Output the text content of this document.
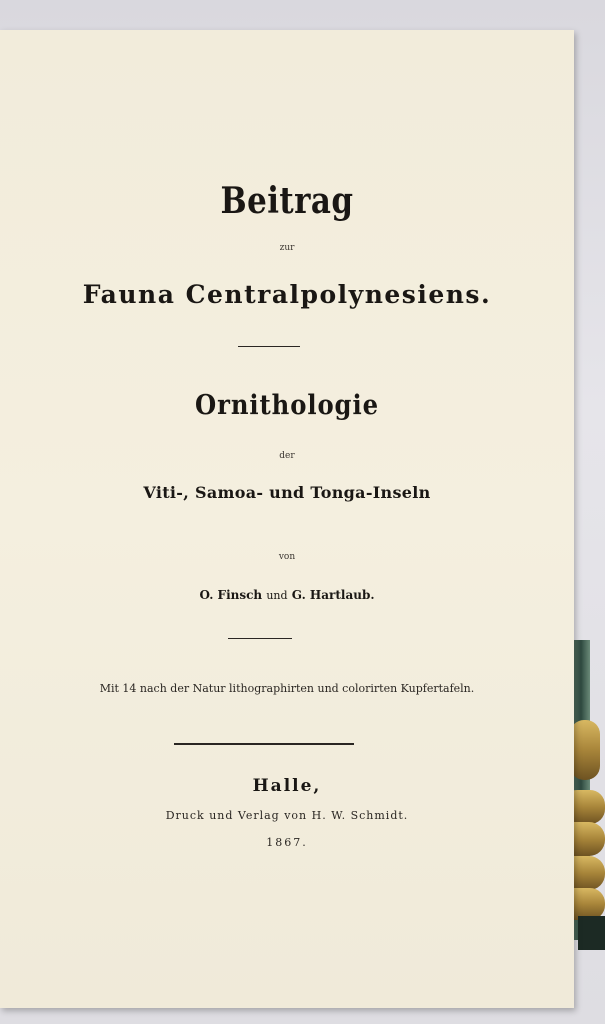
Beitrag
zur
Fauna Centralpolynesiens.
Ornithologie
der
Viti-, Samoa- und Tonga-Inseln
von
O. Finsch und G. Hartlaub.
Mit 14 nach der Natur lithographirten und colorirten Kupfertafeln.
Halle,
Druck und Verlag von H. W. Schmidt.
1867.
